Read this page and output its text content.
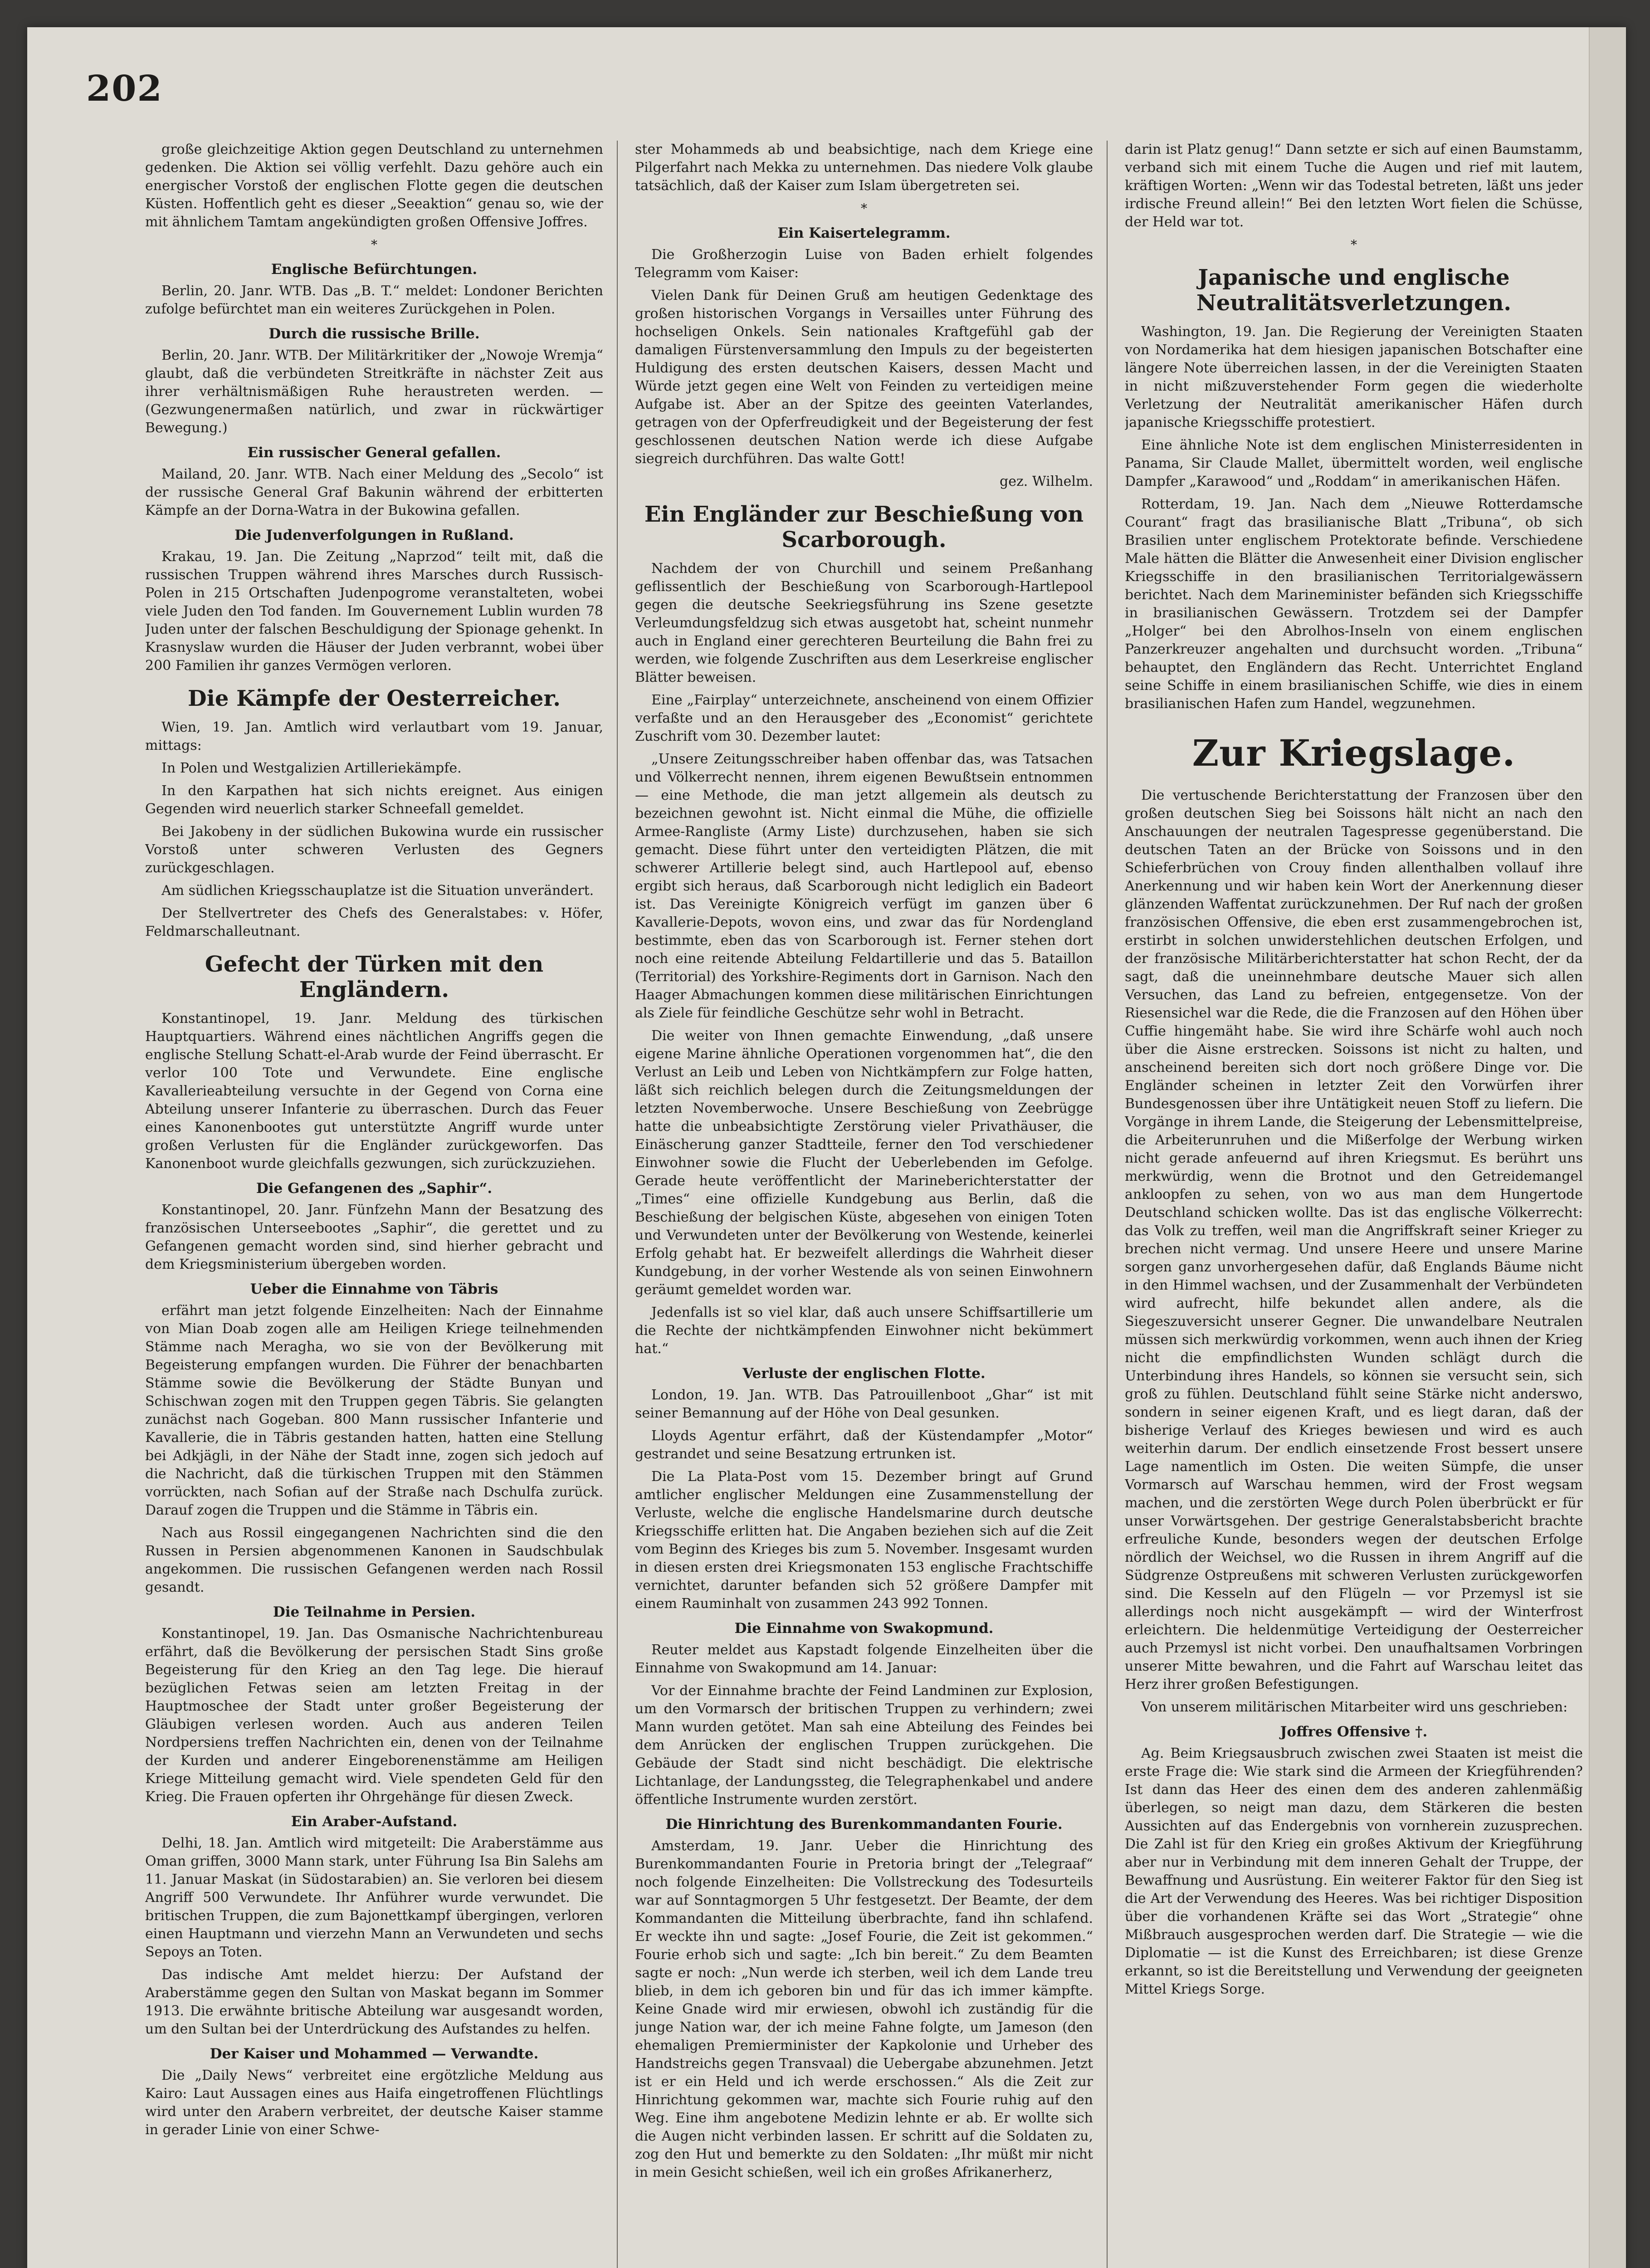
202

große gleichzeitige Aktion gegen Deutschland zu unternehmen gedenken. Die Aktion sei völlig verfehlt. Dazu gehöre auch ein energischer Vorstoß der englischen Flotte gegen die deutschen Küsten. Hoffentlich geht es dieser „Seeaktion“ genau so, wie der mit ähnlichem Tamtam angekündigten großen Offensive Joffres.

*
Englische Befürchtungen.

Berlin, 20. Janr. WTB. Das „B. T.“ meldet: Londoner Berichten zufolge befürchtet man ein weiteres Zurückgehen in Polen.

Durch die russische Brille.

Berlin, 20. Janr. WTB. Der Militärkritiker der „Nowoje Wremja“ glaubt, daß die verbündeten Streitkräfte in nächster Zeit aus ihrer verhältnismäßigen Ruhe heraustreten werden. — (Gezwungenermaßen natürlich, und zwar in rückwärtiger Bewegung.)

Ein russischer General gefallen.

Mailand, 20. Janr. WTB. Nach einer Meldung des „Secolo“ ist der russische General Graf Bakunin während der erbitterten Kämpfe an der Dorna-Watra in der Bukowina gefallen.

Die Judenverfolgungen in Rußland.

Krakau, 19. Jan. Die Zeitung „Naprzod“ teilt mit, daß die russischen Truppen während ihres Marsches durch Russisch-Polen in 215 Ortschaften Judenpogrome veranstalteten, wobei viele Juden den Tod fanden. Im Gouvernement Lublin wurden 78 Juden unter der falschen Beschuldigung der Spionage gehenkt. In Krasnyslaw wurden die Häuser der Juden verbrannt, wobei über 200 Familien ihr ganzes Vermögen verloren.

Die Kämpfe der Oesterreicher.

Wien, 19. Jan. Amtlich wird verlautbart vom 19. Januar, mittags:

In Polen und Westgalizien Artilleriekämpfe.

In den Karpathen hat sich nichts ereignet. Aus einigen Gegenden wird neuerlich starker Schneefall gemeldet.

Bei Jakobeny in der südlichen Bukowina wurde ein russischer Vorstoß unter schweren Verlusten des Gegners zurückgeschlagen.

Am südlichen Kriegsschauplatze ist die Situation unverändert.

Der Stellvertreter des Chefs des Generalstabes: v. Höfer, Feldmarschalleutnant.

Gefecht der Türken mit den Engländern.

Konstantinopel, 19. Janr. Meldung des türkischen Hauptquartiers. Während eines nächtlichen Angriffs gegen die englische Stellung Schatt-el-Arab wurde der Feind überrascht. Er verlor 100 Tote und Verwundete. Eine englische Kavallerieabteilung versuchte in der Gegend von Corna eine Abteilung unserer Infanterie zu überraschen. Durch das Feuer eines Kanonenbootes gut unterstützte Angriff wurde unter großen Verlusten für die Engländer zurückgeworfen. Das Kanonenboot wurde gleichfalls gezwungen, sich zurückzuziehen.

Die Gefangenen des „Saphir“.

Konstantinopel, 20. Janr. Fünfzehn Mann der Besatzung des französischen Unterseebootes „Saphir“, die gerettet und zu Gefangenen gemacht worden sind, sind hierher gebracht und dem Kriegsministerium übergeben worden.

Ueber die Einnahme von Täbris

erfährt man jetzt folgende Einzelheiten: Nach der Einnahme von Mian Doab zogen alle am Heiligen Kriege teilnehmenden Stämme nach Meragha, wo sie von der Bevölkerung mit Begeisterung empfangen wurden. Die Führer der benachbarten Stämme sowie die Bevölkerung der Städte Bunyan und Schischwan zogen mit den Truppen gegen Täbris. Sie gelangten zunächst nach Gogeban. 800 Mann russischer Infanterie und Kavallerie, die in Täbris gestanden hatten, hatten eine Stellung bei Adkjägli, in der Nähe der Stadt inne, zogen sich jedoch auf die Nachricht, daß die türkischen Truppen mit den Stämmen vorrückten, nach Sofian auf der Straße nach Dschulfa zurück. Darauf zogen die Truppen und die Stämme in Täbris ein.

Nach aus Rossil eingegangenen Nachrichten sind die den Russen in Persien abgenommenen Kanonen in Saudschbulak angekommen. Die russischen Gefangenen werden nach Rossil gesandt.

Die Teilnahme in Persien.

Konstantinopel, 19. Jan. Das Osmanische Nachrichtenbureau erfährt, daß die Bevölkerung der persischen Stadt Sins große Begeisterung für den Krieg an den Tag lege. Die hierauf bezüglichen Fetwas seien am letzten Freitag in der Hauptmoschee der Stadt unter großer Begeisterung der Gläubigen verlesen worden. Auch aus anderen Teilen Nordpersiens treffen Nachrichten ein, denen von der Teilnahme der Kurden und anderer Eingeborenenstämme am Heiligen Kriege Mitteilung gemacht wird. Viele spendeten Geld für den Krieg. Die Frauen opferten ihr Ohrgehänge für diesen Zweck.

Ein Araber-Aufstand.

Delhi, 18. Jan. Amtlich wird mitgeteilt: Die Araberstämme aus Oman griffen, 3000 Mann stark, unter Führung Isa Bin Salehs am 11. Januar Maskat (in Südostarabien) an. Sie verloren bei diesem Angriff 500 Verwundete. Ihr Anführer wurde verwundet. Die britischen Truppen, die zum Bajonettkampf übergingen, verloren einen Hauptmann und vierzehn Mann an Verwundeten und sechs Sepoys an Toten.

Das indische Amt meldet hierzu: Der Aufstand der Araberstämme gegen den Sultan von Maskat begann im Sommer 1913. Die erwähnte britische Abteilung war ausgesandt worden, um den Sultan bei der Unterdrückung des Aufstandes zu helfen.

Der Kaiser und Mohammed — Verwandte.

Die „Daily News“ verbreitet eine ergötzliche Meldung aus Kairo: Laut Aussagen eines aus Haifa eingetroffenen Flüchtlings wird unter den Arabern verbreitet, der deutsche Kaiser stamme in gerader Linie von einer Schwe-

ster Mohammeds ab und beabsichtige, nach dem Kriege eine Pilgerfahrt nach Mekka zu unternehmen. Das niedere Volk glaube tatsächlich, daß der Kaiser zum Islam übergetreten sei.

*
Ein Kaisertelegramm.

Die Großherzogin Luise von Baden erhielt folgendes Telegramm vom Kaiser:

Vielen Dank für Deinen Gruß am heutigen Gedenktage des großen historischen Vorgangs in Versailles unter Führung des hochseligen Onkels. Sein nationales Kraftgefühl gab der damaligen Fürstenversammlung den Impuls zu der begeisterten Huldigung des ersten deutschen Kaisers, dessen Macht und Würde jetzt gegen eine Welt von Feinden zu verteidigen meine Aufgabe ist. Aber an der Spitze des geeinten Vaterlandes, getragen von der Opferfreudigkeit und der Begeisterung der fest geschlossenen deutschen Nation werde ich diese Aufgabe siegreich durchführen. Das walte Gott!

gez. Wilhelm.
Ein Engländer zur Beschießung von Scarborough.

Nachdem der von Churchill und seinem Preßanhang geflissentlich der Beschießung von Scarborough-Hartlepool gegen die deutsche Seekriegsführung ins Szene gesetzte Verleumdungsfeldzug sich etwas ausgetobt hat, scheint nunmehr auch in England einer gerechteren Beurteilung die Bahn frei zu werden, wie folgende Zuschriften aus dem Leserkreise englischer Blätter beweisen.

Eine „Fairplay“ unterzeichnete, anscheinend von einem Offizier verfaßte und an den Herausgeber des „Economist“ gerichtete Zuschrift vom 30. Dezember lautet:

„Unsere Zeitungsschreiber haben offenbar das, was Tatsachen und Völkerrecht nennen, ihrem eigenen Bewußtsein entnommen — eine Methode, die man jetzt allgemein als deutsch zu bezeichnen gewohnt ist. Nicht einmal die Mühe, die offizielle Armee-Rangliste (Army Liste) durchzusehen, haben sie sich gemacht. Diese führt unter den verteidigten Plätzen, die mit schwerer Artillerie belegt sind, auch Hartlepool auf, ebenso ergibt sich heraus, daß Scarborough nicht lediglich ein Badeort ist. Das Vereinigte Königreich verfügt im ganzen über 6 Kavallerie-Depots, wovon eins, und zwar das für Nordengland bestimmte, eben das von Scarborough ist. Ferner stehen dort noch eine reitende Abteilung Feldartillerie und das 5. Bataillon (Territorial) des Yorkshire-Regiments dort in Garnison. Nach den Haager Abmachungen kommen diese militärischen Einrichtungen als Ziele für feindliche Geschütze sehr wohl in Betracht.

Die weiter von Ihnen gemachte Einwendung, „daß unsere eigene Marine ähnliche Operationen vorgenommen hat“, die den Verlust an Leib und Leben von Nichtkämpfern zur Folge hatten, läßt sich reichlich belegen durch die Zeitungsmeldungen der letzten Novemberwoche. Unsere Beschießung von Zeebrügge hatte die unbeabsichtigte Zerstörung vieler Privathäuser, die Einäscherung ganzer Stadtteile, ferner den Tod verschiedener Einwohner sowie die Flucht der Ueberlebenden im Gefolge. Gerade heute veröffentlicht der Marineberichterstatter der „Times“ eine offizielle Kundgebung aus Berlin, daß die Beschießung der belgischen Küste, abgesehen von einigen Toten und Verwundeten unter der Bevölkerung von Westende, keinerlei Erfolg gehabt hat. Er bezweifelt allerdings die Wahrheit dieser Kundgebung, in der vorher Westende als von seinen Einwohnern geräumt gemeldet worden war.

Jedenfalls ist so viel klar, daß auch unsere Schiffsartillerie um die Rechte der nichtkämpfenden Einwohner nicht bekümmert hat.“

Verluste der englischen Flotte.

London, 19. Jan. WTB. Das Patrouillenboot „Ghar“ ist mit seiner Bemannung auf der Höhe von Deal gesunken.

Lloyds Agentur erfährt, daß der Küstendampfer „Motor“ gestrandet und seine Besatzung ertrunken ist.

Die La Plata-Post vom 15. Dezember bringt auf Grund amtlicher englischer Meldungen eine Zusammenstellung der Verluste, welche die englische Handelsmarine durch deutsche Kriegsschiffe erlitten hat. Die Angaben beziehen sich auf die Zeit vom Beginn des Krieges bis zum 5. November. Insgesamt wurden in diesen ersten drei Kriegsmonaten 153 englische Frachtschiffe vernichtet, darunter befanden sich 52 größere Dampfer mit einem Rauminhalt von zusammen 243 992 Tonnen.

Die Einnahme von Swakopmund.

Reuter meldet aus Kapstadt folgende Einzelheiten über die Einnahme von Swakopmund am 14. Januar:

Vor der Einnahme brachte der Feind Landminen zur Explosion, um den Vormarsch der britischen Truppen zu verhindern; zwei Mann wurden getötet. Man sah eine Abteilung des Feindes bei dem Anrücken der englischen Truppen zurückgehen. Die Gebäude der Stadt sind nicht beschädigt. Die elektrische Lichtanlage, der Landungssteg, die Telegraphenkabel und andere öffentliche Instrumente wurden zerstört.

Die Hinrichtung des Burenkommandanten Fourie.

Amsterdam, 19. Janr. Ueber die Hinrichtung des Burenkommandanten Fourie in Pretoria bringt der „Telegraaf“ noch folgende Einzelheiten: Die Vollstreckung des Todesurteils war auf Sonntagmorgen 5 Uhr festgesetzt. Der Beamte, der dem Kommandanten die Mitteilung überbrachte, fand ihn schlafend. Er weckte ihn und sagte: „Josef Fourie, die Zeit ist gekommen.“ Fourie erhob sich und sagte: „Ich bin bereit.“ Zu dem Beamten sagte er noch: „Nun werde ich sterben, weil ich dem Lande treu blieb, in dem ich geboren bin und für das ich immer kämpfte. Keine Gnade wird mir erwiesen, obwohl ich zuständig für die junge Nation war, der ich meine Fahne folgte, um Jameson (den ehemaligen Premierminister der Kapkolonie und Urheber des Handstreichs gegen Transvaal) die Uebergabe abzunehmen. Jetzt ist er ein Held und ich werde erschossen.“ Als die Zeit zur Hinrichtung gekommen war, machte sich Fourie ruhig auf den Weg. Eine ihm angebotene Medizin lehnte er ab. Er wollte sich die Augen nicht verbinden lassen. Er schritt auf die Soldaten zu, zog den Hut und bemerkte zu den Soldaten: „Ihr müßt mir nicht in mein Gesicht schießen, weil ich ein großes Afrikanerherz,

darin ist Platz genug!“ Dann setzte er sich auf einen Baumstamm, verband sich mit einem Tuche die Augen und rief mit lautem, kräftigen Worten: „Wenn wir das Todestal betreten, läßt uns jeder irdische Freund allein!“ Bei den letzten Wort fielen die Schüsse, der Held war tot.

*
Japanische und englische Neutralitätsverletzungen.

Washington, 19. Jan. Die Regierung der Vereinigten Staaten von Nordamerika hat dem hiesigen japanischen Botschafter eine längere Note überreichen lassen, in der die Vereinigten Staaten in nicht mißzuverstehender Form gegen die wiederholte Verletzung der Neutralität amerikanischer Häfen durch japanische Kriegsschiffe protestiert.

Eine ähnliche Note ist dem englischen Ministerresidenten in Panama, Sir Claude Mallet, übermittelt worden, weil englische Dampfer „Karawood“ und „Roddam“ in amerikanischen Häfen.

Rotterdam, 19. Jan. Nach dem „Nieuwe Rotterdamsche Courant“ fragt das brasilianische Blatt „Tribuna“, ob sich Brasilien unter englischem Protektorate befinde. Verschiedene Male hätten die Blätter die Anwesenheit einer Division englischer Kriegsschiffe in den brasilianischen Territorialgewässern berichtet. Nach dem Marineminister befänden sich Kriegsschiffe in brasilianischen Gewässern. Trotzdem sei der Dampfer „Holger“ bei den Abrolhos-Inseln von einem englischen Panzerkreuzer angehalten und durchsucht worden. „Tribuna“ behauptet, den Engländern das Recht. Unterrichtet England seine Schiffe in einem brasilianischen Schiffe, wie dies in einem brasilianischen Hafen zum Handel, wegzunehmen.

Zur Kriegslage.

Die vertuschende Berichterstattung der Franzosen über den großen deutschen Sieg bei Soissons hält nicht an nach den Anschauungen der neutralen Tagespresse gegenüberstand. Die deutschen Taten an der Brücke von Soissons und in den Schieferbrüchen von Crouy finden allenthalben vollauf ihre Anerkennung und wir haben kein Wort der Anerkennung dieser glänzenden Waffentat zurückzunehmen. Der Ruf nach der großen französischen Offensive, die eben erst zusammengebrochen ist, erstirbt in solchen unwiderstehlichen deutschen Erfolgen, und der französische Militärberichterstatter hat schon Recht, der da sagt, daß die uneinnehmbare deutsche Mauer sich allen Versuchen, das Land zu befreien, entgegensetze. Von der Riesensichel war die Rede, die die Franzosen auf den Höhen über Cuffie hingemäht habe. Sie wird ihre Schärfe wohl auch noch über die Aisne erstrecken. Soissons ist nicht zu halten, und anscheinend bereiten sich dort noch größere Dinge vor. Die Engländer scheinen in letzter Zeit den Vorwürfen ihrer Bundesgenossen über ihre Untätigkeit neuen Stoff zu liefern. Die Vorgänge in ihrem Lande, die Steigerung der Lebensmittelpreise, die Arbeiterunruhen und die Mißerfolge der Werbung wirken nicht gerade anfeuernd auf ihren Kriegsmut. Es berührt uns merkwürdig, wenn die Brotnot und den Getreidemangel ankloopfen zu sehen, von wo aus man dem Hungertode Deutschland schicken wollte. Das ist das englische Völkerrecht: das Volk zu treffen, weil man die Angriffskraft seiner Krieger zu brechen nicht vermag. Und unsere Heere und unsere Marine sorgen ganz unvorhergesehen dafür, daß Englands Bäume nicht in den Himmel wachsen, und der Zusammenhalt der Verbündeten wird aufrecht, hilfe bekundet allen andere, als die Siegeszuversicht unserer Gegner. Die unwandelbare Neutralen müssen sich merkwürdig vorkommen, wenn auch ihnen der Krieg nicht die empfindlichsten Wunden schlägt durch die Unterbindung ihres Handels, so können sie versucht sein, sich groß zu fühlen. Deutschland fühlt seine Stärke nicht anderswo, sondern in seiner eigenen Kraft, und es liegt daran, daß der bisherige Verlauf des Krieges bewiesen und wird es auch weiterhin darum. Der endlich einsetzende Frost bessert unsere Lage namentlich im Osten. Die weiten Sümpfe, die unser Vormarsch auf Warschau hemmen, wird der Frost wegsam machen, und die zerstörten Wege durch Polen überbrückt er für unser Vorwärtsgehen. Der gestrige Generalstabsbericht brachte erfreuliche Kunde, besonders wegen der deutschen Erfolge nördlich der Weichsel, wo die Russen in ihrem Angriff auf die Südgrenze Ostpreußens mit schweren Verlusten zurückgeworfen sind. Die Kesseln auf den Flügeln — vor Przemysl ist sie allerdings noch nicht ausgekämpft — wird der Winterfrost erleichtern. Die heldenmütige Verteidigung der Oesterreicher auch Przemysl ist nicht vorbei. Den unaufhaltsamen Vorbringen unserer Mitte bewahren, und die Fahrt auf Warschau leitet das Herz ihrer großen Befestigungen.

Von unserem militärischen Mitarbeiter wird uns geschrieben:

Joffres Offensive †.

Ag. Beim Kriegsausbruch zwischen zwei Staaten ist meist die erste Frage die: Wie stark sind die Armeen der Kriegführenden? Ist dann das Heer des einen dem des anderen zahlenmäßig überlegen, so neigt man dazu, dem Stärkeren die besten Aussichten auf das Endergebnis von vornherein zuzusprechen. Die Zahl ist für den Krieg ein großes Aktivum der Kriegführung aber nur in Verbindung mit dem inneren Gehalt der Truppe, der Bewaffnung und Ausrüstung. Ein weiterer Faktor für den Sieg ist die Art der Verwendung des Heeres. Was bei richtiger Disposition über die vorhandenen Kräfte sei das Wort „Strategie“ ohne Mißbrauch ausgesprochen werden darf. Die Strategie — wie die Diplomatie — ist die Kunst des Erreichbaren; ist diese Grenze erkannt, so ist die Bereitstellung und Verwendung der geeigneten Mittel Kriegs Sorge.
